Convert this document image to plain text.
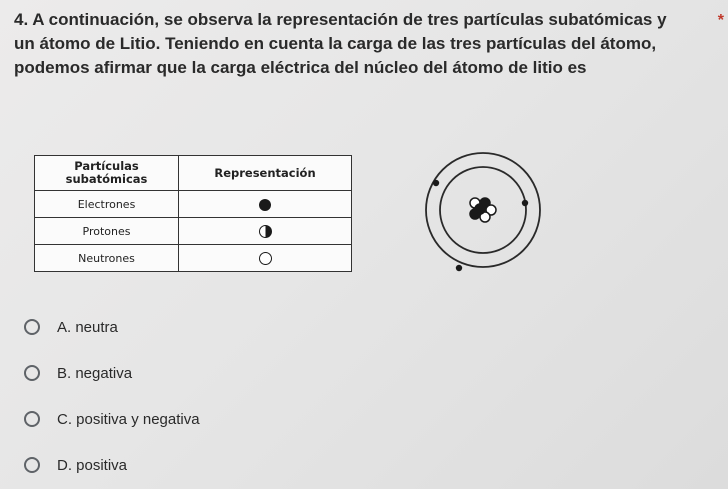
4. A continuación, se observa la representación de tres partículas subatómicas y
un átomo de Litio. Teniendo en cuenta la carga de las tres partículas del átomo,
podemos afirmar que la carga eléctrica del núcleo del átomo de litio es
*
Partículas subatómicas	Representación
Electrones	
Protones	
Neutrones	
A. neutra
B. negativa
C. positiva y negativa
D. positiva
